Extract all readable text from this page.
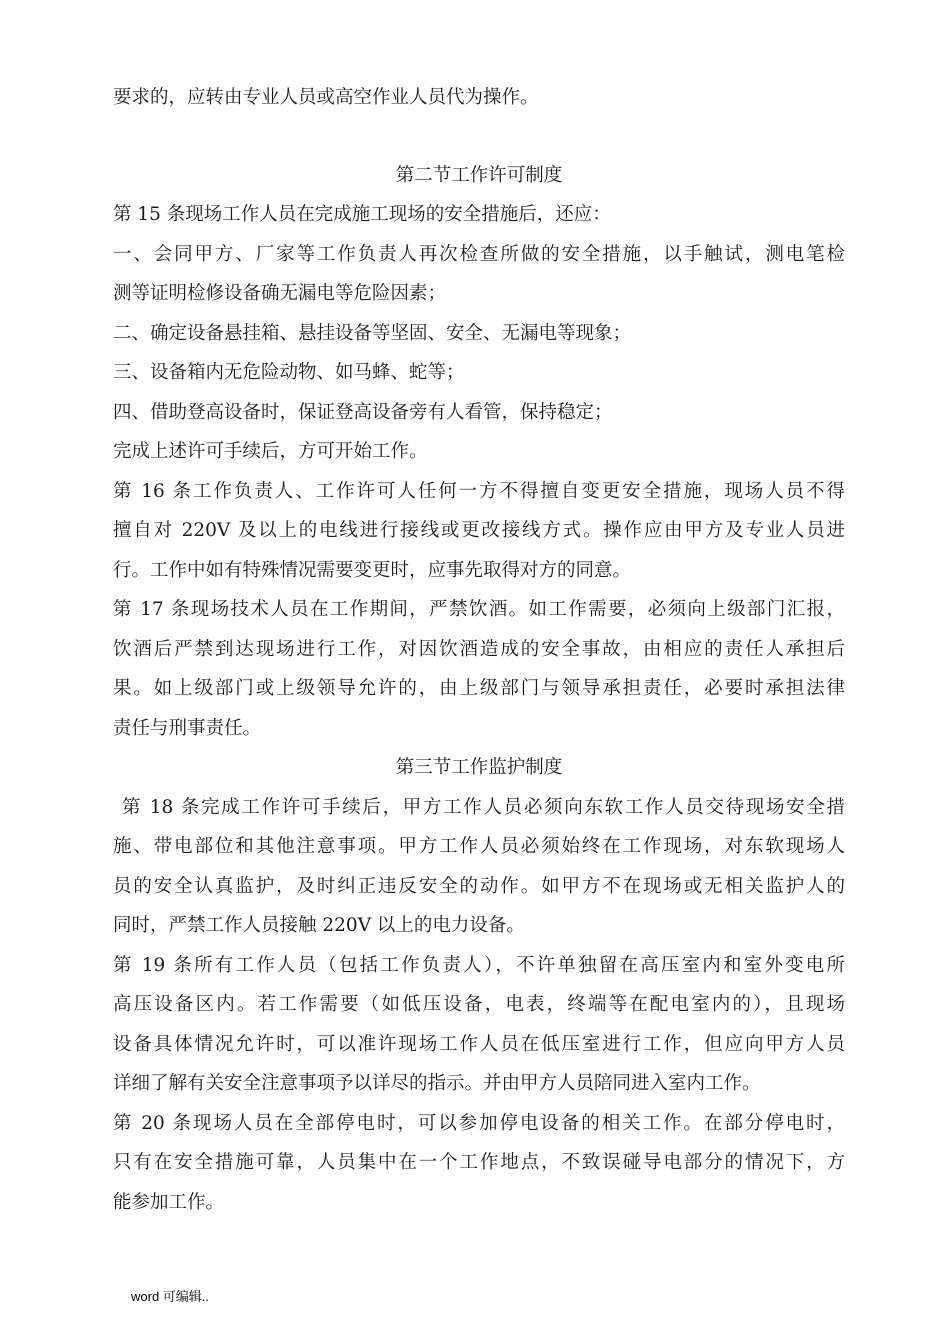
要求的，应转由专业人员或高空作业人员代为操作。
第二节工作许可制度
第 15 条现场工作人员在完成施工现场的安全措施后，还应：
一、会同甲方、厂家等工作负责人再次检查所做的安全措施，以手触试，测电笔检
测等证明检修设备确无漏电等危险因素；
二、确定设备悬挂箱、悬挂设备等坚固、安全、无漏电等现象；
三、设备箱内无危险动物、如马蜂、蛇等；
四、借助登高设备时，保证登高设备旁有人看管，保持稳定；
完成上述许可手续后，方可开始工作。
第 16 条工作负责人、工作许可人任何一方不得擅自变更安全措施，现场人员不得
擅自对 220V 及以上的电线进行接线或更改接线方式。操作应由甲方及专业人员进
行。工作中如有特殊情况需要变更时，应事先取得对方的同意。
第 17 条现场技术人员在工作期间，严禁饮酒。如工作需要，必须向上级部门汇报，
饮酒后严禁到达现场进行工作，对因饮酒造成的安全事故，由相应的责任人承担后
果。如上级部门或上级领导允许的，由上级部门与领导承担责任，必要时承担法律
责任与刑事责任。
第三节工作监护制度
第 18 条完成工作许可手续后，甲方工作人员必须向东软工作人员交待现场安全措
施、带电部位和其他注意事项。甲方工作人员必须始终在工作现场，对东软现场人
员的安全认真监护，及时纠正违反安全的动作。如甲方不在现场或无相关监护人的
同时，严禁工作人员接触 220V 以上的电力设备。
第 19 条所有工作人员（包括工作负责人），不许单独留在高压室内和室外变电所
高压设备区内。若工作需要（如低压设备，电表，终端等在配电室内的），且现场
设备具体情况允许时，可以准许现场工作人员在低压室进行工作，但应向甲方人员
详细了解有关安全注意事项予以详尽的指示。并由甲方人员陪同进入室内工作。
第 20 条现场人员在全部停电时，可以参加停电设备的相关工作。在部分停电时，
只有在安全措施可靠，人员集中在一个工作地点，不致误碰导电部分的情况下，方
能参加工作。
word 可编辑..
